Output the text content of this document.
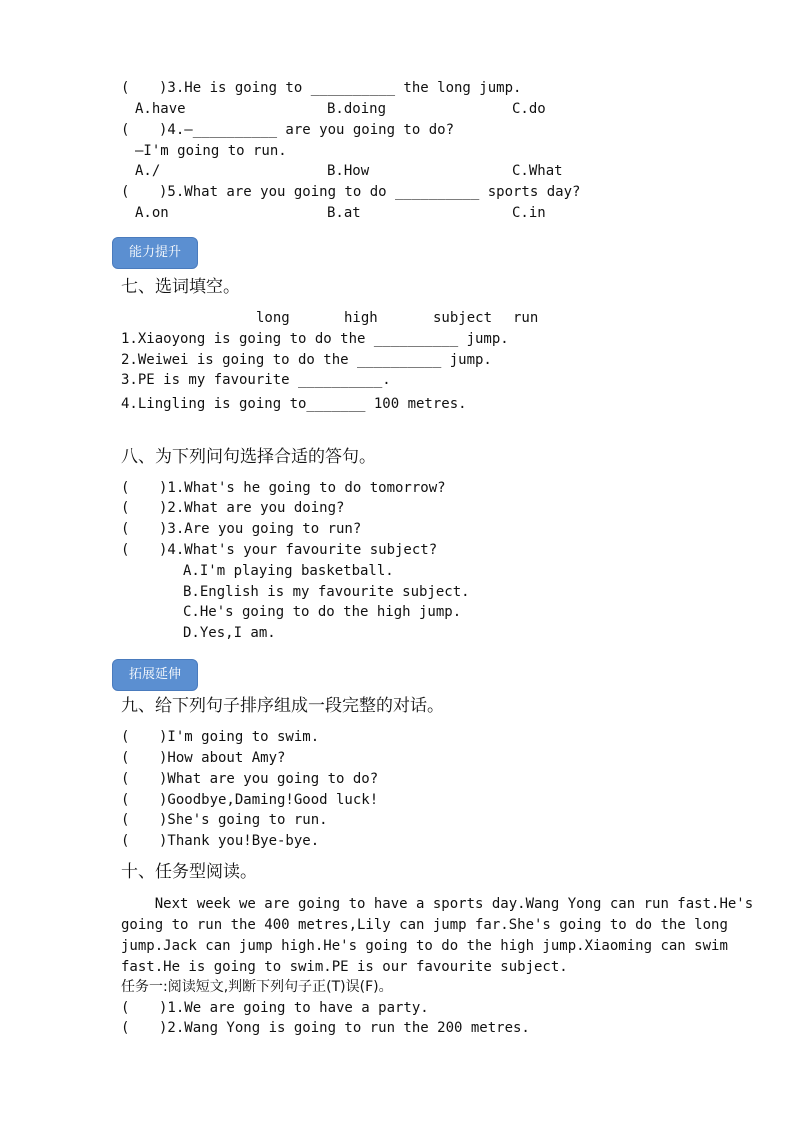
( )3.He is going to __________ the long jump.
A.have	B.doing	C.do
( )4.—__________ are you going to do?
—I'm going to run.
A./	B.How	C.What
( )5.What are you going to do __________ sports day?
A.on	B.at	C.in
能力提升
七、选词填空。
long	high	subject run
1.Xiaoyong is going to do the __________ jump.
2.Weiwei is going to do the __________ jump.
3.PE is my favourite __________.
4.Lingling is going to_______ 100 metres.
八、为下列问句选择合适的答句。
( )1.What's he going to do tomorrow?
( )2.What are you doing?
( )3.Are you going to run?
( )4.What's your favourite subject?
A.I'm playing basketball.
B.English is my favourite subject.
C.He's going to do the high jump.
D.Yes,I am.
拓展延伸
九、给下列句子排序组成一段完整的对话。
( )I'm going to swim.
( )How about Amy?
( )What are you going to do?
( )Goodbye,Daming!Good luck!
( )She's going to run.
( )Thank you!Bye-bye.
十、任务型阅读。
Next week we are going to have a sports day.Wang Yong can run fast.He's
going to run the 400 metres,Lily can jump far.She's going to do the long
jump.Jack can jump high.He's going to do the high jump.Xiaoming can swim
fast.He is going to swim.PE is our favourite subject.
任务一:阅读短文,判断下列句子正(T)误(F)。
( )1.We are going to have a party.
( )2.Wang Yong is going to run the 200 metres.
